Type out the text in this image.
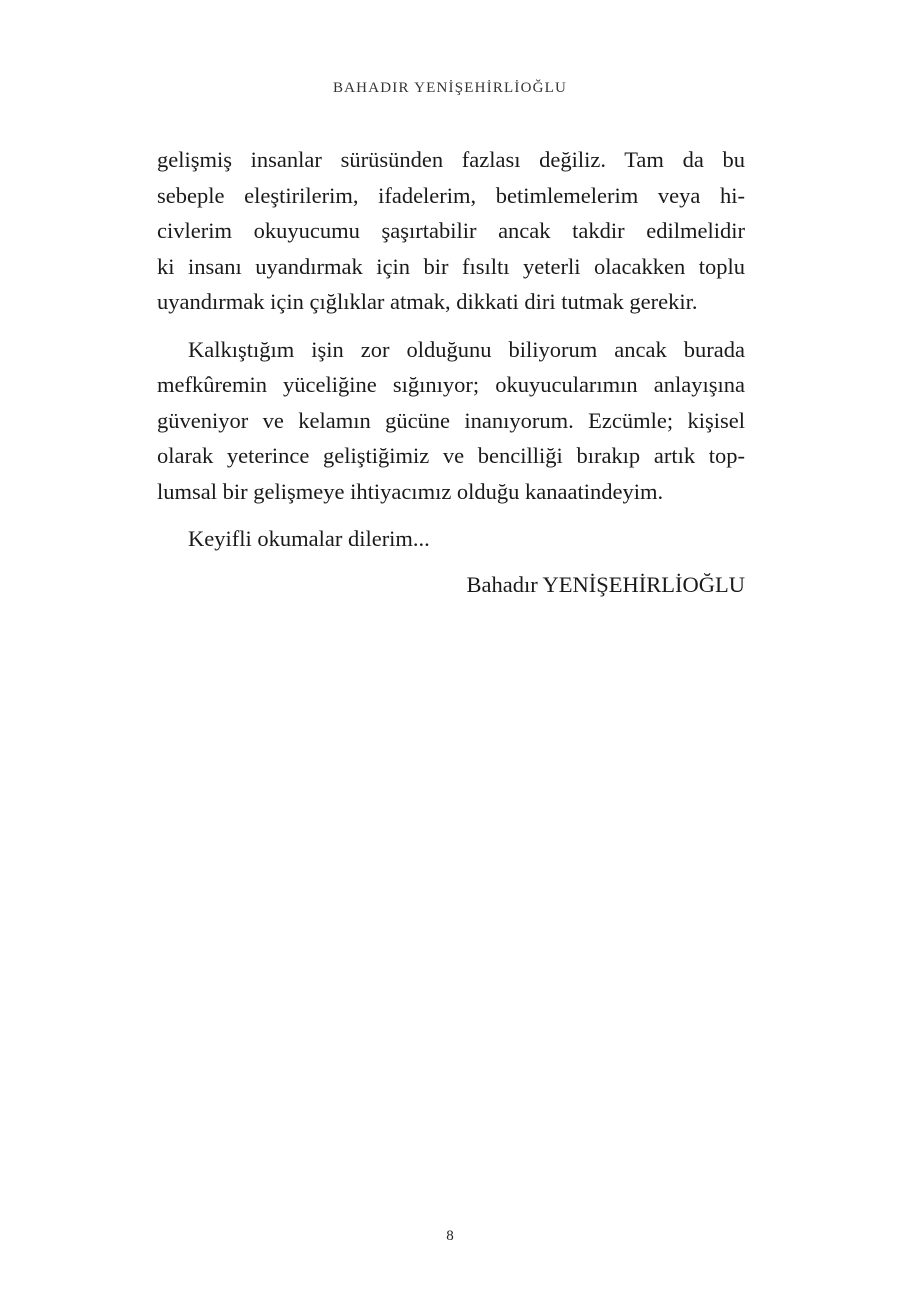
BAHADIR YENİŞEHİRLİOĞLU

gelişmiş insanlar sürüsünden fazlası değiliz. Tam da bu
sebeple eleştirilerim, ifadelerim, betimlemelerim veya hi-
civlerim okuyucumu şaşırtabilir ancak takdir edilmelidir
ki insanı uyandırmak için bir fısıltı yeterli olacakken toplu
uyandırmak için çığlıklar atmak, dikkati diri tutmak gerekir.

Kalkıştığım işin zor olduğunu biliyorum ancak burada
mefkûremin yüceliğine sığınıyor; okuyucularımın anlayışına
güveniyor ve kelamın gücüne inanıyorum. Ezcümle; kişisel
olarak yeterince geliştiğimiz ve bencilliği bırakıp artık top-
lumsal bir gelişmeye ihtiyacımız olduğu kanaatindeyim.

Keyifli okumalar dilerim...

Bahadır YENİŞEHİRLİOĞLU
8
